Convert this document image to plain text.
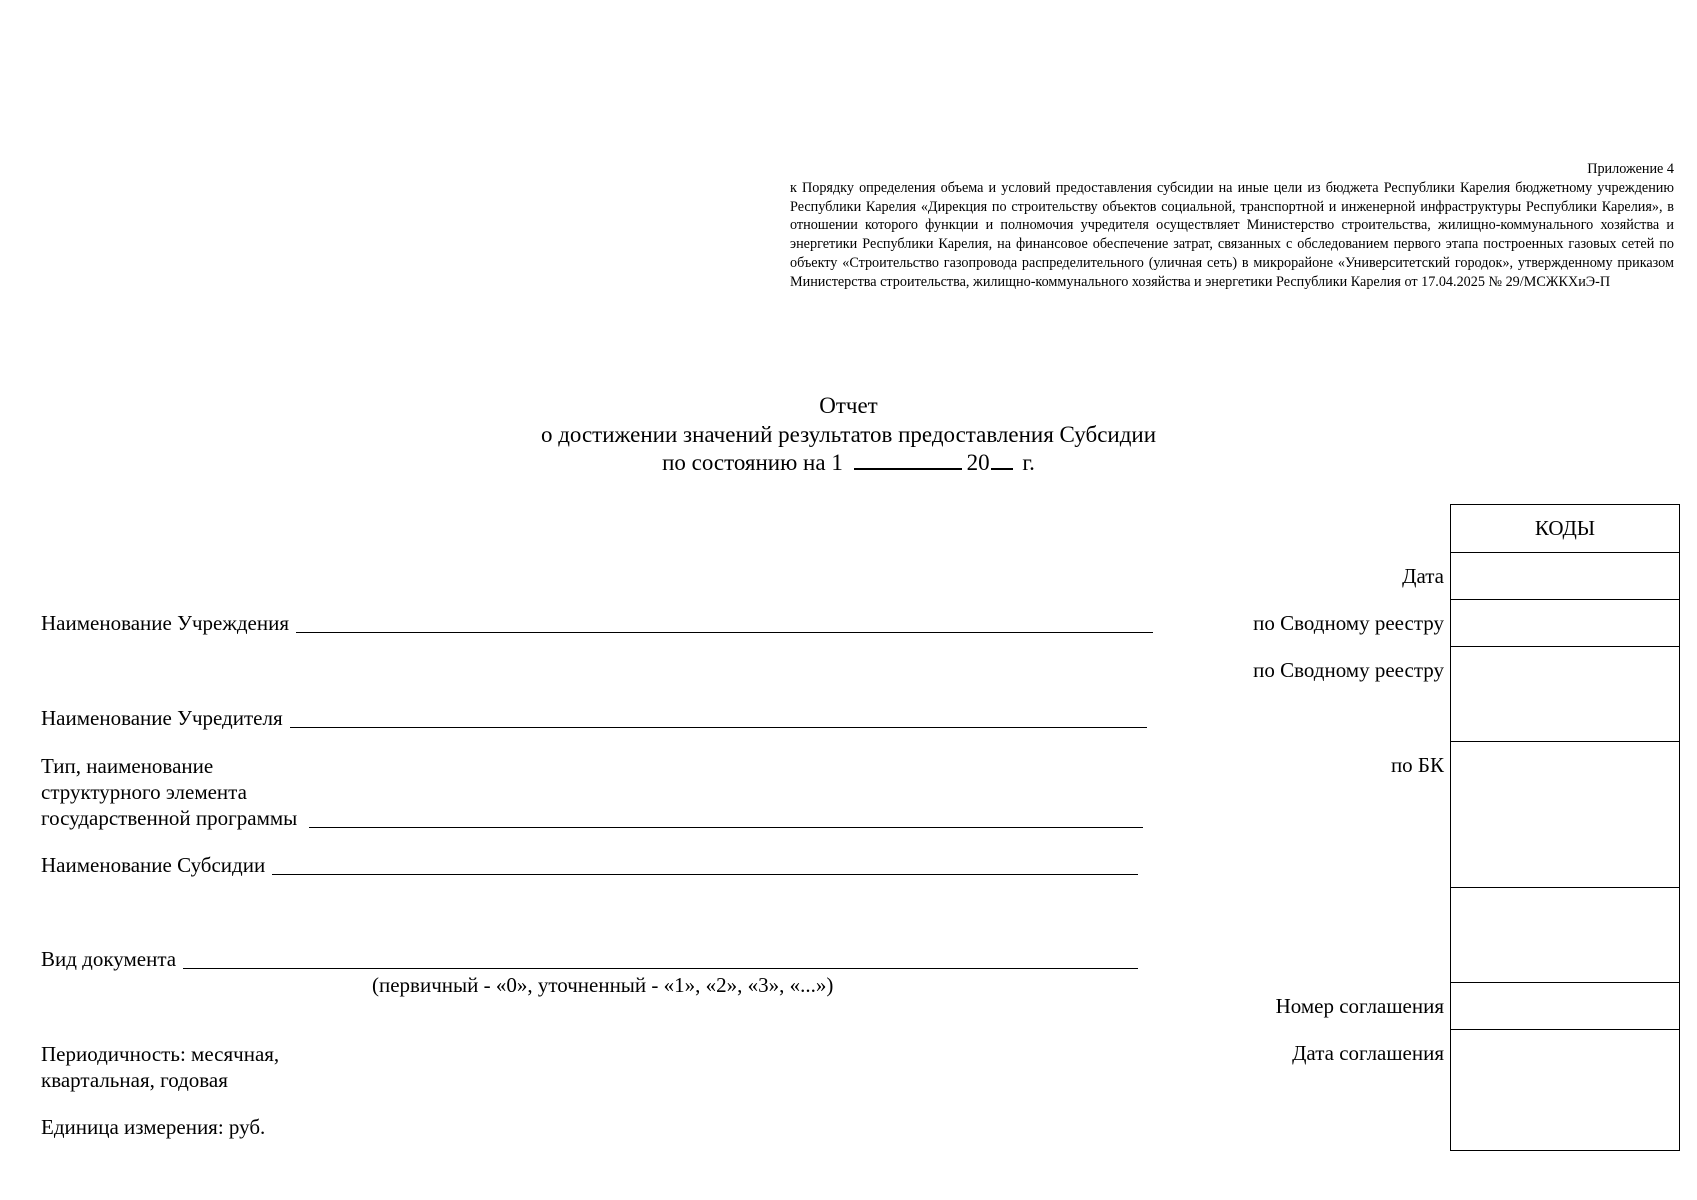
Приложение 4
к Порядку определения объема и условий предоставления субсидии на иные цели из бюджета Республики Карелия бюджетному учреждению Республики Карелия «Дирекция по строительству объектов социальной, транспортной и инженерной инфраструктуры Республики Карелия», в отношении которого функции и полномочия учредителя осуществляет Министерство строительства, жилищно-коммунального хозяйства и энергетики Республики Карелия, на финансовое обеспечение затрат, связанных с обследованием первого этапа построенных газовых сетей по объекту «Строительство газопровода распределительного (уличная сеть) в микрорайоне «Университетский городок», утвержденному приказом Министерства строительства, жилищно-коммунального хозяйства и энергетики Республики Карелия от 17.04.2025 № 29/МСЖКХиЭ-П
Отчет
о достижении значений результатов предоставления Субсидии
по состоянию на 1	20 г.
Наименование Учреждения
Наименование Учредителя
Тип, наименование
структурного элемента
государственной программы
Наименование Субсидии
Вид документа
(первичный - «0», уточненный - «1», «2», «3», «...»)
Периодичность: месячная,
квартальная, годовая
Единица измерения: руб.
КОДЫ
Дата
по Сводному реестру
по Сводному реестру
по БК
Номер соглашения
Дата соглашения
